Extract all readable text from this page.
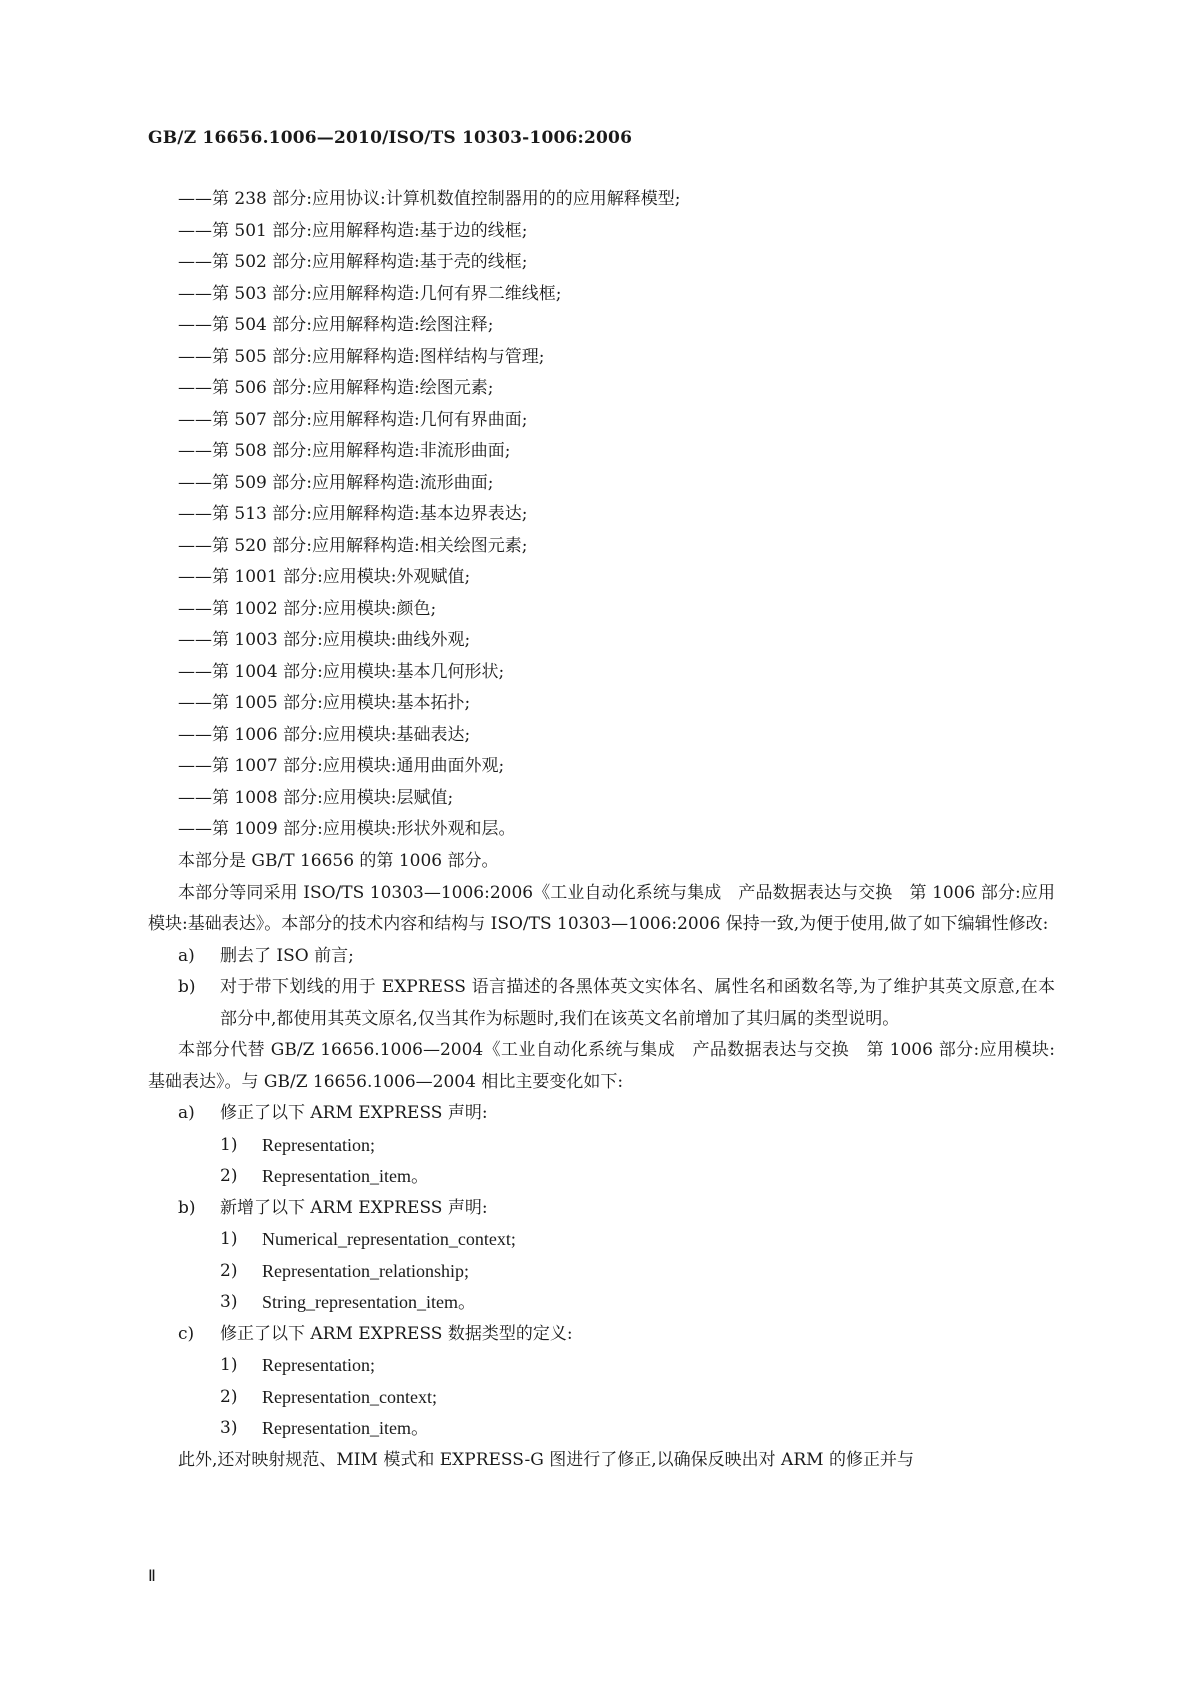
GB/Z 16656.1006—2010/ISO/TS 10303-1006:2006
——第 238 部分:应用协议:计算机数值控制器用的的应用解释模型;
——第 501 部分:应用解释构造:基于边的线框;
——第 502 部分:应用解释构造:基于壳的线框;
——第 503 部分:应用解释构造:几何有界二维线框;
——第 504 部分:应用解释构造:绘图注释;
——第 505 部分:应用解释构造:图样结构与管理;
——第 506 部分:应用解释构造:绘图元素;
——第 507 部分:应用解释构造:几何有界曲面;
——第 508 部分:应用解释构造:非流形曲面;
——第 509 部分:应用解释构造:流形曲面;
——第 513 部分:应用解释构造:基本边界表达;
——第 520 部分:应用解释构造:相关绘图元素;
——第 1001 部分:应用模块:外观赋值;
——第 1002 部分:应用模块:颜色;
——第 1003 部分:应用模块:曲线外观;
——第 1004 部分:应用模块:基本几何形状;
——第 1005 部分:应用模块:基本拓扑;
——第 1006 部分:应用模块:基础表达;
——第 1007 部分:应用模块:通用曲面外观;
——第 1008 部分:应用模块:层赋值;
——第 1009 部分:应用模块:形状外观和层。
本部分是 GB/T 16656 的第 1006 部分。
本部分等同采用 ISO/TS 10303—1006:2006《工业自动化系统与集成　产品数据表达与交换　第 1006 部分:应用模块:基础表达》。本部分的技术内容和结构与 ISO/TS 10303—1006:2006 保持一致,为便于使用,做了如下编辑性修改:
a)	删去了 ISO 前言;
b)	对于带下划线的用于 EXPRESS 语言描述的各黑体英文实体名、属性名和函数名等,为了维护其英文原意,在本部分中,都使用其英文原名,仅当其作为标题时,我们在该英文名前增加了其归属的类型说明。
本部分代替 GB/Z 16656.1006—2004《工业自动化系统与集成　产品数据表达与交换　第 1006 部分:应用模块:基础表达》。与 GB/Z 16656.1006—2004 相比主要变化如下:
a)	修正了以下 ARM EXPRESS 声明:
1)	Representation;
2)	Representation_item。
b)	新增了以下 ARM EXPRESS 声明:
1)	Numerical_representation_context;
2)	Representation_relationship;
3)	String_representation_item。
c)	修正了以下 ARM EXPRESS 数据类型的定义:
1)	Representation;
2)	Representation_context;
3)	Representation_item。
此外,还对映射规范、MIM 模式和 EXPRESS-G 图进行了修正,以确保反映出对 ARM 的修正并与
Ⅱ
